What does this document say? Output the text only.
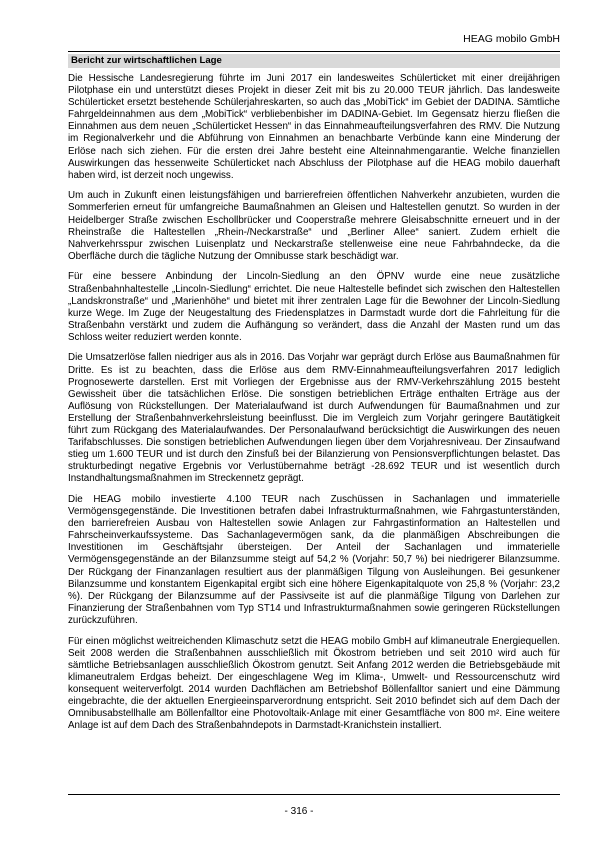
HEAG mobilo GmbH
Bericht zur wirtschaftlichen Lage

Die Hessische Landesregierung führte im Juni 2017 ein landesweites Schülerticket mit einer dreijährigen Pilotphase ein und unterstützt dieses Projekt in dieser Zeit mit bis zu 20.000 TEUR jährlich. Das landesweite Schülerticket ersetzt bestehende Schülerjahreskarten, so auch das „MobiTick“ im Gebiet der DADINA. Sämtliche Fahrgeldeinnahmen aus dem „MobiTick“ verbliebenbisher im DADINA-Gebiet. Im Gegensatz hierzu fließen die Einnahmen aus dem neuen „Schülerticket Hessen“ in das Einnahmeaufteilungsverfahren des RMV. Die Nutzung im Regionalverkehr und die Abführung von Einnahmen an benachbarte Verbünde kann eine Minderung der Erlöse nach sich ziehen. Für die ersten drei Jahre besteht eine Alteinnahmengarantie. Welche finanziellen Auswirkungen das hessenweite Schülerticket nach Abschluss der Pilotphase auf die HEAG mobilo dauerhaft haben wird, ist derzeit noch ungewiss.

Um auch in Zukunft einen leistungsfähigen und barrierefreien öffentlichen Nahverkehr anzubieten, wurden die Sommerferien erneut für umfangreiche Baumaßnahmen an Gleisen und Haltestellen genutzt. So wurden in der Heidelberger Straße zwischen Eschollbrücker und Cooperstraße mehrere Gleisabschnitte erneuert und in der Rheinstraße die Haltestellen „Rhein-/Neckarstraße“ und „Berliner Allee“ saniert. Zudem erhielt die Nahverkehrsspur zwischen Luisenplatz und Neckarstraße stellenweise eine neue Fahrbahndecke, da die Oberfläche durch die tägliche Nutzung der Omnibusse stark beschädigt war.

Für eine bessere Anbindung der Lincoln-Siedlung an den ÖPNV wurde eine neue zusätzliche Straßenbahnhaltestelle „Lincoln-Siedlung“ errichtet. Die neue Haltestelle befindet sich zwischen den Haltestellen „Landskronstraße“ und „Marienhöhe“ und bietet mit ihrer zentralen Lage für die Bewohner der Lincoln-Siedlung kurze Wege. Im Zuge der Neugestaltung des Friedensplatzes in Darmstadt wurde dort die Fahrleitung für die Straßenbahn verstärkt und zudem die Aufhängung so verändert, dass die Anzahl der Masten rund um das Schloss weiter reduziert werden konnte.

Die Umsatzerlöse fallen niedriger aus als in 2016. Das Vorjahr war geprägt durch Erlöse aus Baumaßnahmen für Dritte. Es ist zu beachten, dass die Erlöse aus dem RMV-Einnahmeaufteilungsverfahren 2017 lediglich Prognosewerte darstellen. Erst mit Vorliegen der Ergebnisse aus der RMV-Verkehrszählung 2015 besteht Gewissheit über die tatsächlichen Erlöse. Die sonstigen betrieblichen Erträge enthalten Erträge aus der Auflösung von Rückstellungen. Der Materialaufwand ist durch Aufwendungen für Baumaßnahmen und zur Erstellung der Straßenbahnverkehrsleistung beeinflusst. Die im Vergleich zum Vorjahr geringere Bautätigkeit führt zum Rückgang des Materialaufwandes. Der Personalaufwand berücksichtigt die Auswirkungen des neuen Tarifabschlusses. Die sonstigen betrieblichen Aufwendungen liegen über dem Vorjahresniveau. Der Zinsaufwand stieg um 1.600 TEUR und ist durch den Zinsfuß bei der Bilanzierung von Pensionsverpflichtungen belastet. Das strukturbedingt negative Ergebnis vor Verlustübernahme beträgt -28.692 TEUR und ist wesentlich durch Instandhaltungsmaßnahmen im Streckennetz geprägt.

Die HEAG mobilo investierte 4.100 TEUR nach Zuschüssen in Sachanlagen und immaterielle Vermögensgegenstände. Die Investitionen betrafen dabei Infrastrukturmaßnahmen, wie Fahrgastunterständen, den barrierefreien Ausbau von Haltestellen sowie Anlagen zur Fahrgastinformation an Haltestellen und Fahrscheinverkaufssysteme. Das Sachanlagevermögen sank, da die planmäßigen Abschreibungen die Investitionen im Geschäftsjahr übersteigen. Der Anteil der Sachanlagen und immaterielle Vermögensgegenstände an der Bilanzsumme steigt auf 54,2 % (Vorjahr: 50,7 %) bei niedrigerer Bilanzsumme. Der Rückgang der Finanzanlagen resultiert aus der planmäßigen Tilgung von Ausleihungen. Bei gesunkener Bilanzsumme und konstantem Eigenkapital ergibt sich eine höhere Eigenkapitalquote von 25,8 % (Vorjahr: 23,2 %). Der Rückgang der Bilanzsumme auf der Passivseite ist auf die planmäßige Tilgung von Darlehen zur Finanzierung der Straßenbahnen vom Typ ST14 und Infrastrukturmaßnahmen sowie geringeren Rückstellungen zurückzuführen.

Für einen möglichst weitreichenden Klimaschutz setzt die HEAG mobilo GmbH auf klimaneutrale Energiequellen. Seit 2008 werden die Straßenbahnen ausschließlich mit Ökostrom betrieben und seit 2010 wird auch für sämtliche Betriebsanlagen ausschließlich Ökostrom genutzt. Seit Anfang 2012 werden die Betriebsgebäude mit klimaneutralem Erdgas beheizt. Der eingeschlagene Weg im Klima-, Umwelt- und Ressourcenschutz wird konsequent weiterverfolgt. 2014 wurden Dachflächen am Betriebshof Böllenfalltor saniert und eine Dämmung eingebrachte, die der aktuellen Energieeinsparverordnung entspricht. Seit 2010 befindet sich auf dem Dach der Omnibusabstellhalle am Böllenfalltor eine Photovoltaik-Anlage mit einer Gesamtfläche von 800 m². Eine weitere Anlage ist auf dem Dach des Straßenbahndepots in Darmstadt-Kranichstein installiert.

- 316 -
